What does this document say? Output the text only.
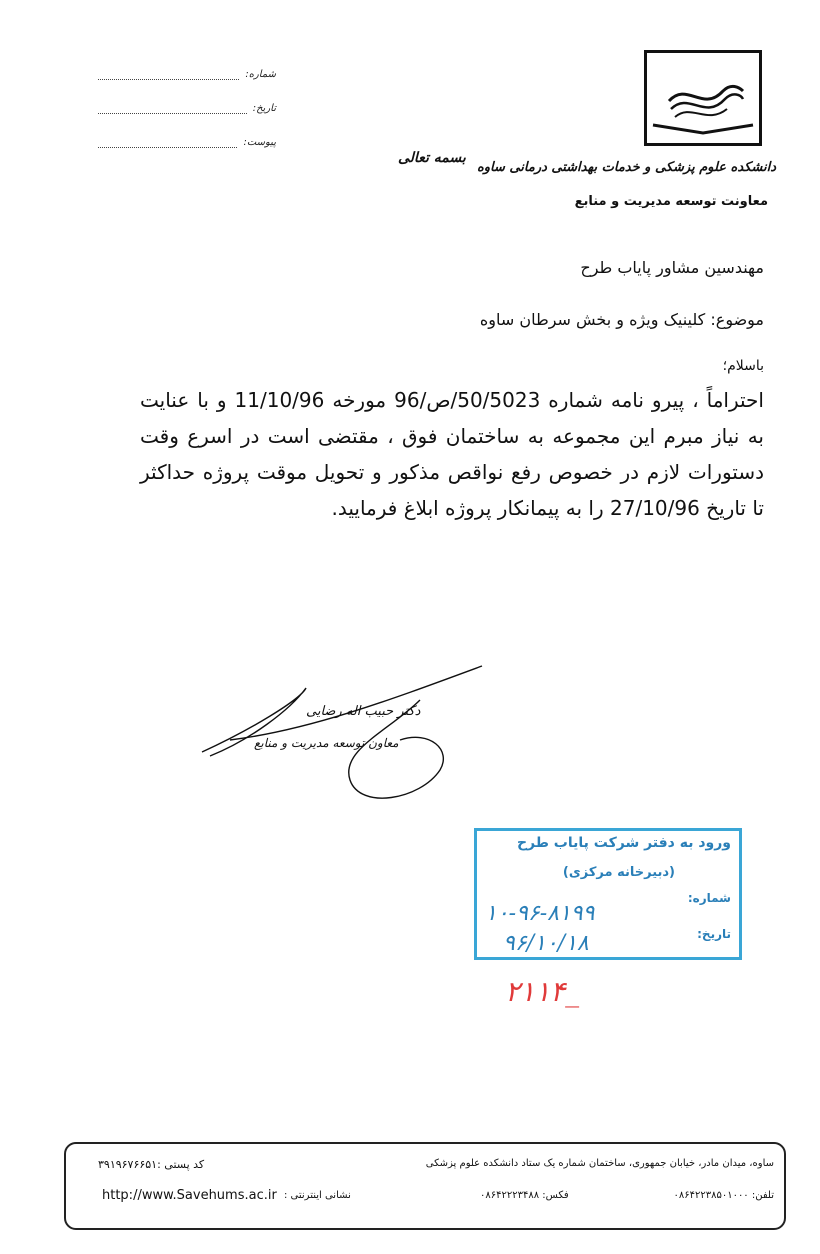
شماره:
تاریخ:
پیوست:
بسمه تعالی
دانشکده علوم پزشکی و خدمات بهداشتی درمانی ساوه
معاونت توسعه مدیریت و منابع
مهندسین مشاور پایاب طرح
موضوع: کلینیک ویژه و بخش سرطان ساوه
باسلام؛
احتراماً ، پیرو نامه شماره 50/5023/ص/96 مورخه 11/10/96 و با عنایت به نیاز مبرم این مجموعه به ساختمان فوق ، مقتضی است در اسرع وقت دستورات لازم در خصوص رفع نواقص مذکور و تحویل موقت پروژه حداکثر تا تاریخ 27/10/96 را به پیمانکار پروژه ابلاغ فرمایید.
دکتر حبیب اله رضایی
معاون توسعه مدیریت و منابع
ورود به دفتر شرکت پایاب طرح
(دبیرخانه مرکزی)
شماره:
تاریخ:
۱۰-۹۶-۸۱۹۹
۹۶/۱۰/۱۸
۲۱۱۴_
ساوه، میدان مادر، خیابان جمهوری، ساختمان شماره یک ستاد دانشکده علوم پزشکی
کد پستی :۳۹۱۹۶۷۶۶۵۱
تلفن: ۰۸۶۴۲۲۳۸۵۰۱۰۰۰
فکس: ۰۸۶۴۲۲۲۳۴۸۸
نشانی اینترنتی :
http://www.Savehums.ac.ir
